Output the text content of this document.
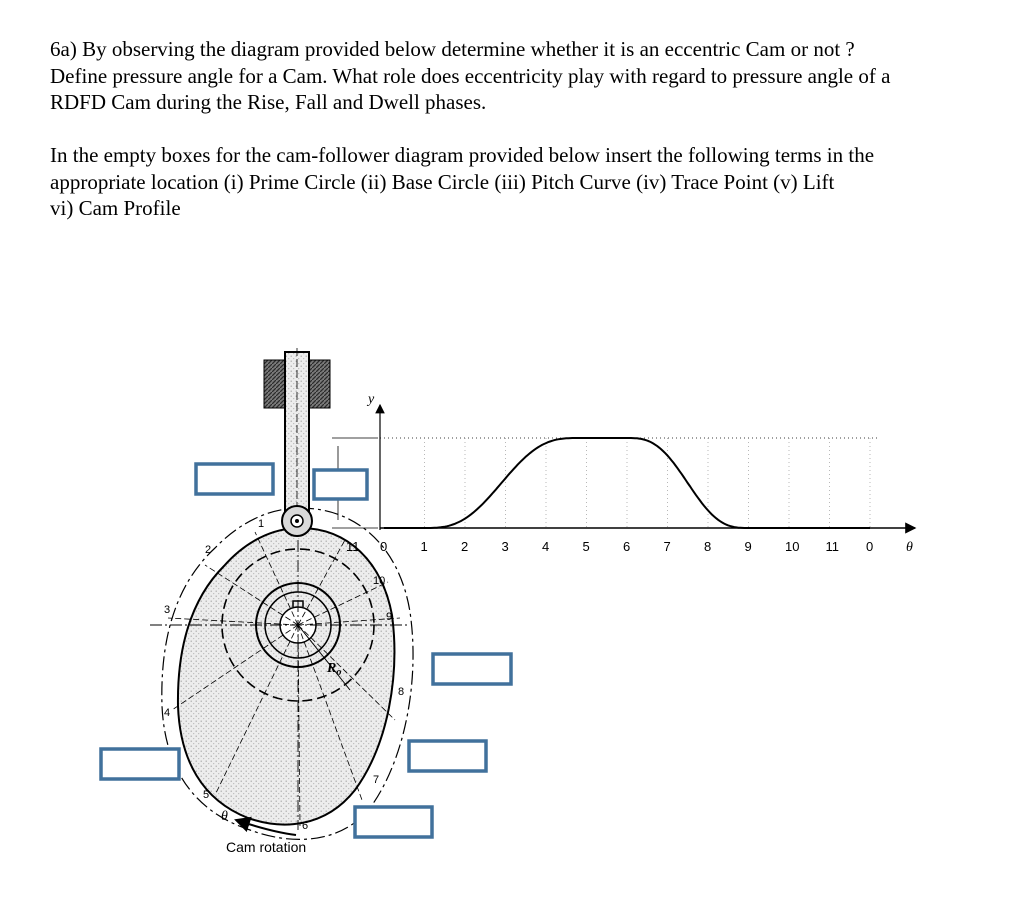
6a) By observing the diagram provided below determine whether it is an eccentric Cam or not ?
Define pressure angle for a Cam. What role does eccentricity play with regard to pressure angle of a
RDFD Cam during the Rise, Fall and Dwell phases.
In the empty boxes for the cam-follower diagram provided below insert the following terms in the
appropriate location (i) Prime Circle (ii) Base Circle (iii) Pitch Curve (iv) Trace Point (v) Lift
vi) Cam Profile
$R_o$
1
2
3
4
5
6
7
8
9
10
θ
Cam rotation
y
θ
11 0	1	2	3	4	5	6	7	8	9	10 11 0
